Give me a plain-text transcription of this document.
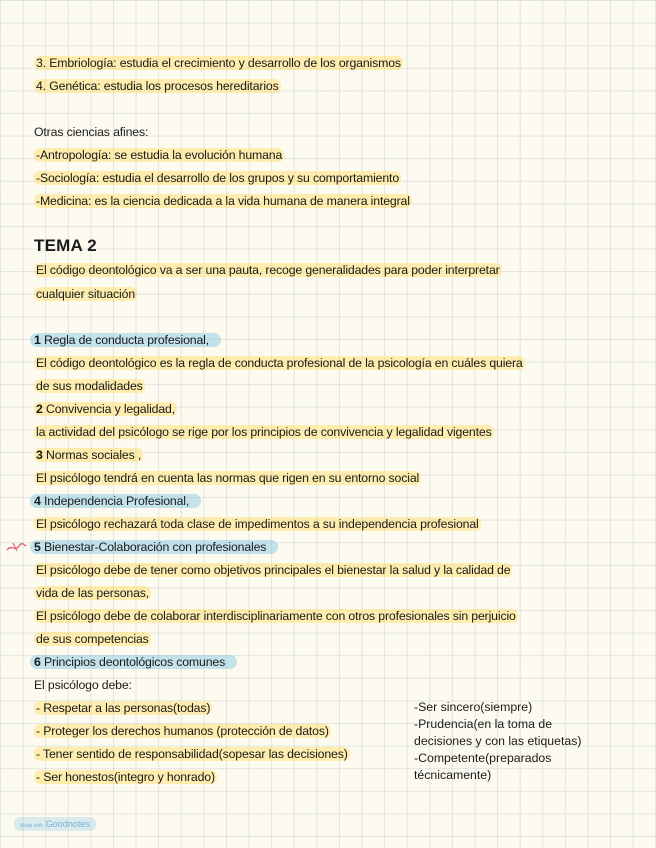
3. Embriología: estudia el crecimiento y desarrollo de los organismos
4. Genética: estudia los procesos hereditarios
Otras ciencias afines:
-Antropología: se estudia la evolución humana
-Sociología: estudia el desarrollo de los grupos y su comportamiento
-Medicina: es la ciencia dedicada a la vida humana de manera integral
TEMA 2
El código deontológico va a ser una pauta, recoge generalidades para poder interpretar
cualquier situación
1 Regla de conducta profesional,
El código deontológico es la regla de conducta profesional de la psicología en cuáles quiera
de sus modalidades
2 Convivencia y legalidad,
la actividad del psicólogo se rige por los principios de convivencia y legalidad vigentes
3 Normas sociales ,
El psicólogo tendrá en cuenta las normas que rigen en su entorno social
4 Independencia Profesional,
El psicólogo rechazará toda clase de impedimentos a su independencia profesional
5 Bienestar-Colaboración con profesionales
El psicólogo debe de tener como objetivos principales el bienestar la salud y la calidad de
vida de las personas,
El psicólogo debe de colaborar interdisciplinariamente con otros profesionales sin perjuicio
de sus competencias
6 Principios deontológicos comunes
El psicólogo debe:
- Respetar a las personas(todas)
- Proteger los derechos humanos (protección de datos)
- Tener sentido de responsabilidad(sopesar las decisiones)
- Ser honestos(integro y honrado)
-Ser sincero(siempre)
-Prudencia(en la toma de
decisiones y con las etiquetas)
-Competente(preparados
técnicamente)
Made with Goodnotes
